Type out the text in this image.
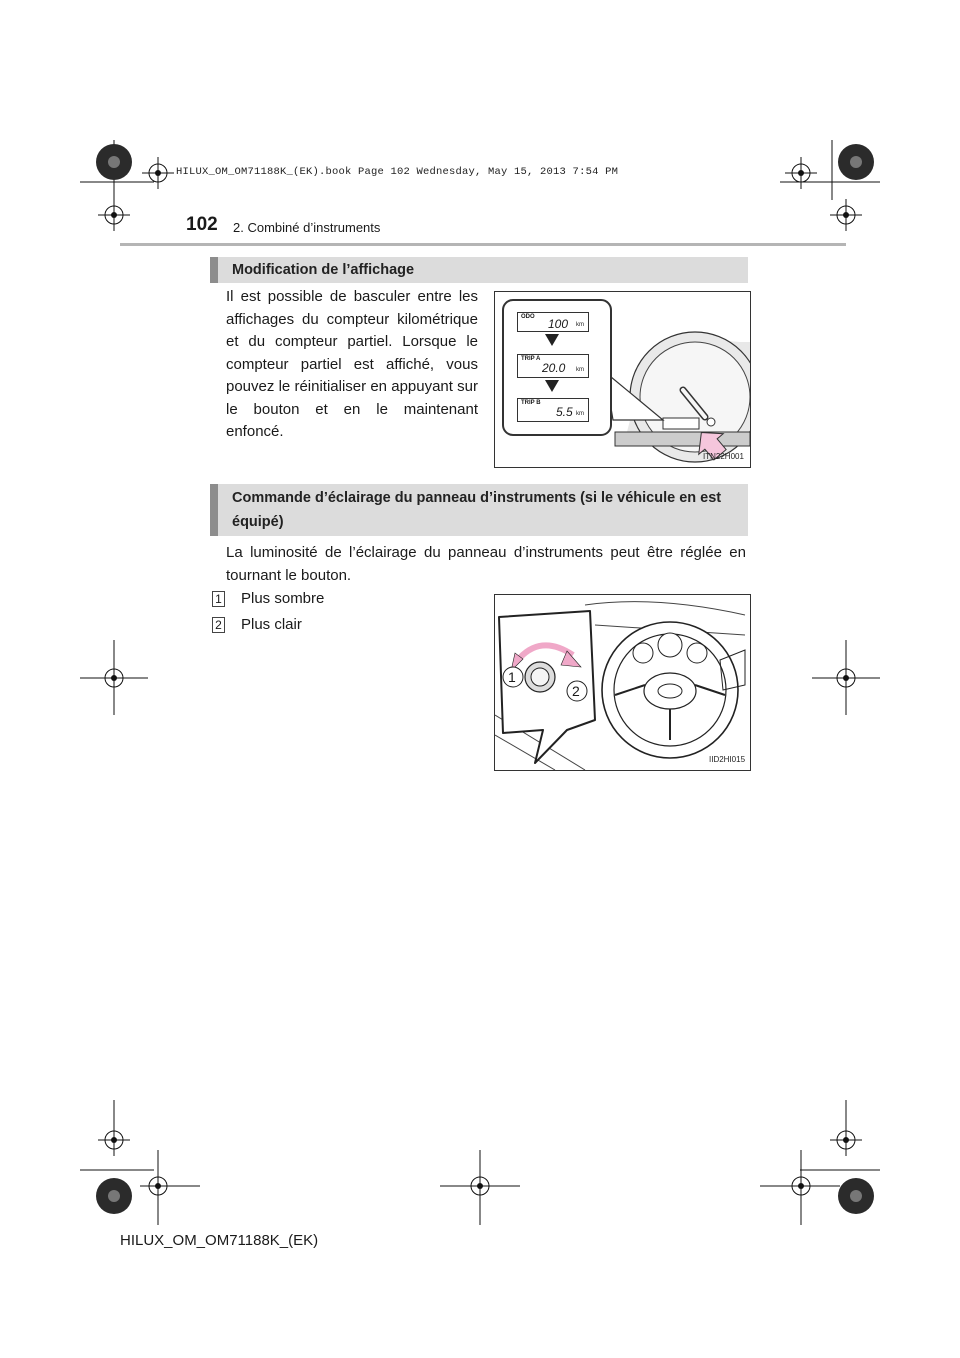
HILUX_OM_OM71188K_(EK).book Page 102 Wednesday, May 15, 2013 7:54 PM
102 2. Combiné d’instruments
Modification de l’affichage

Il est possible de basculer entre les affichages du compteur kilométrique et du compteur partiel. Lorsque le compteur partiel est affiché, vous pouvez le réinitialiser en appuyant sur le bouton et en le maintenant enfoncé.

ODO 100 km
TRIP A
20.0 km
TRIP B
5.5 km
ITN22H001
Commande d’éclairage du panneau d’instruments (si le véhicule en est équipé)

La luminosité de l’éclairage du panneau d’instruments peut être réglée en tournant le bouton.

1 Plus sombre
2 Plus clair
1
2
IID2HI015
HILUX_OM_OM71188K_(EK)
